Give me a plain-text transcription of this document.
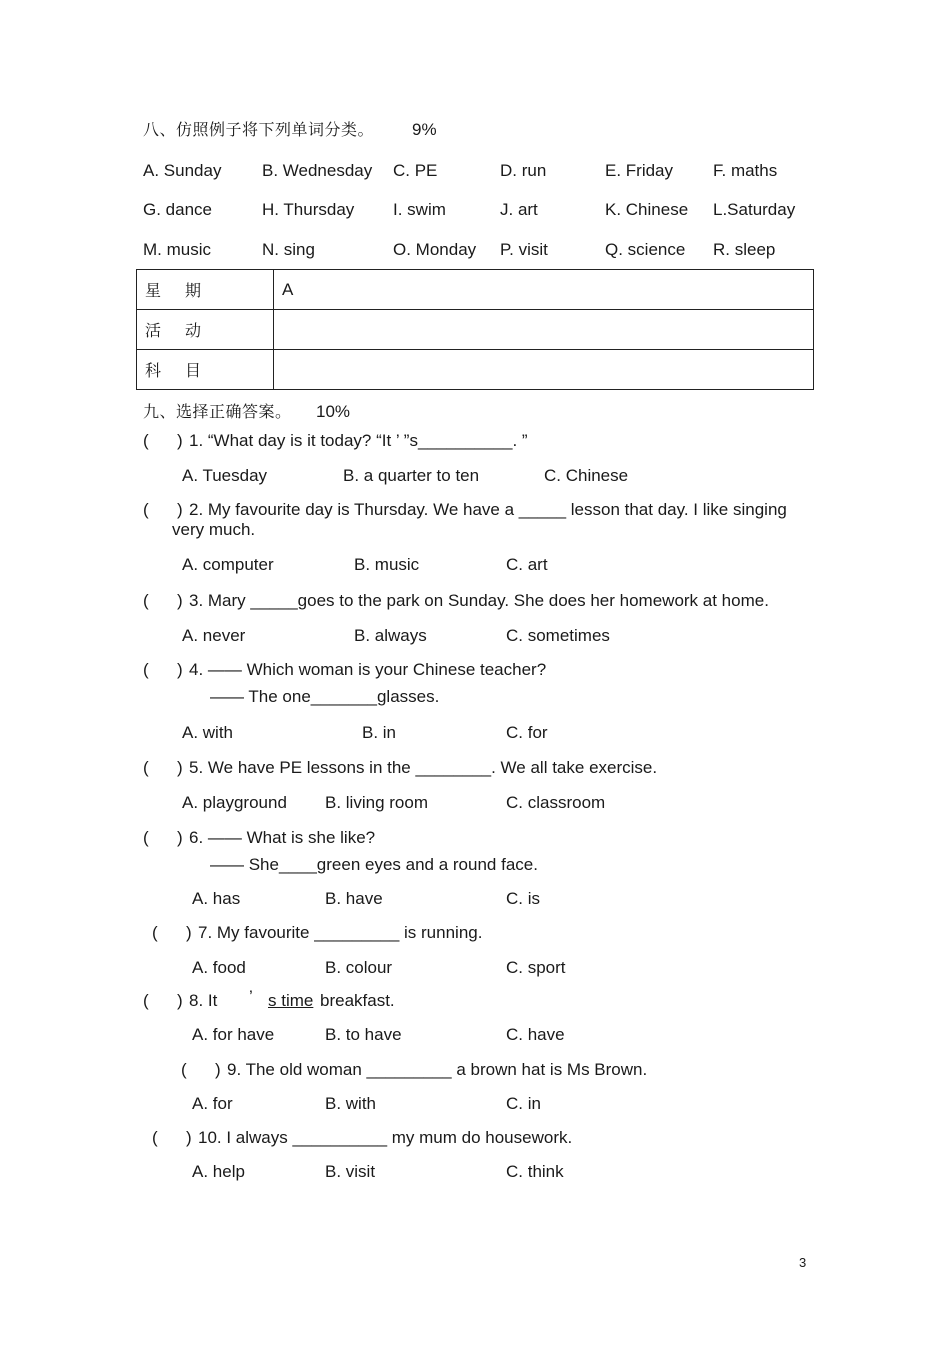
八、仿照例子将下列单词分类。 9%
A. Sunday B. Wednesday C. PE	D. run	E. Friday F. maths
G. dance	H. Thursday I. swim	J. art	K. Chinese L.Saturday
M. music	N. sing	O. Monday P. visit	Q. science R. sleep
星期	A
活动	
科目	
九、选择正确答案。 10%
( ) 1. “What day is it today? “It ’ ”s__________. ”
A. Tuesday	B. a quarter to ten	C. Chinese
( ) 2. My favourite day is Thursday. We have a _____ lesson that day. I like singing
very much.
A. computer	B. music	C. art
( ) 3. Mary _____goes to the park on Sunday. She does her homework at home.
A. never	B. always	C. sometimes
( ) 4. —— Which woman is your Chinese teacher?
—— The one_______glasses.
A. with	B. in	C. for
( ) 5. We have PE lessons in the ________. We all take exercise.
A. playground B. living room	C. classroom
( ) 6. —— What is she like?
—— She____green eyes and a round face.
A. has	B. have	C. is
( ) 7. My favourite _________ is running.
A. food	B. colour	C. sport
( ) 8. It ’ s time breakfast.
A. for have	B. to have	C. have
( ) 9. The old woman _________ a brown hat is Ms Brown.
A. for	B. with	C. in
( ) 10. I always __________ my mum do housework.
A. help	B. visit	C. think
3
